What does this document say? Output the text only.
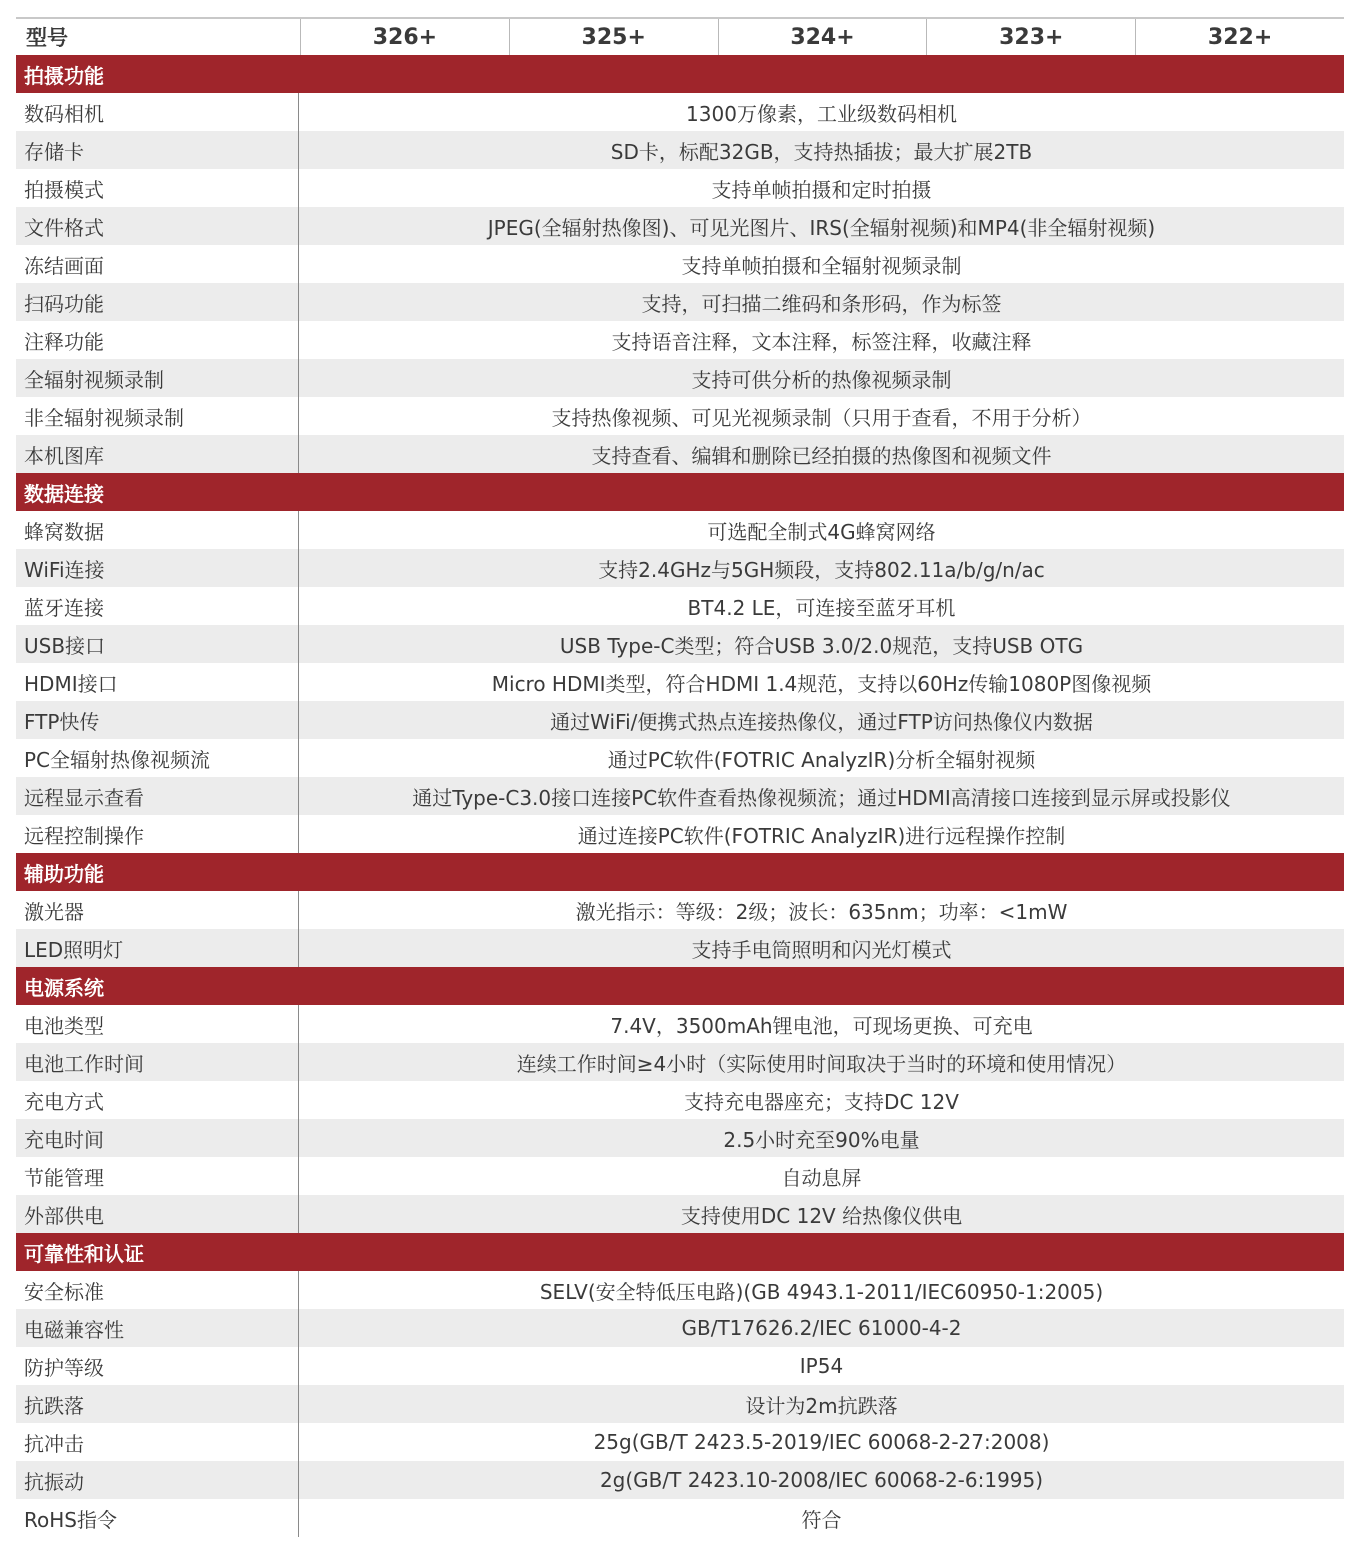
型号	326+	325+	324+	323+	322+
拍摄功能
数码相机	1300万像素，工业级数码相机
存储卡	SD卡，标配32GB，支持热插拔；最大扩展2TB
拍摄模式	支持单帧拍摄和定时拍摄
文件格式	JPEG(全辐射热像图)、可见光图片、IRS(全辐射视频)和MP4(非全辐射视频)
冻结画面	支持单帧拍摄和全辐射视频录制
扫码功能	支持，可扫描二维码和条形码，作为标签
注释功能	支持语音注释，文本注释，标签注释，收藏注释
全辐射视频录制	支持可供分析的热像视频录制
非全辐射视频录制	支持热像视频、可见光视频录制（只用于查看，不用于分析）
本机图库	支持查看、编辑和删除已经拍摄的热像图和视频文件
数据连接
蜂窝数据	可选配全制式4G蜂窝网络
WiFi连接	支持2.4GHz与5GH频段，支持802.11a/b/g/n/ac
蓝牙连接	BT4.2 LE，可连接至蓝牙耳机
USB接口	USB Type-C类型；符合USB 3.0/2.0规范，支持USB OTG
HDMI接口	Micro HDMI类型，符合HDMI 1.4规范，支持以60Hz传输1080P图像视频
FTP快传	通过WiFi/便携式热点连接热像仪，通过FTP访问热像仪内数据
PC全辐射热像视频流	通过PC软件(FOTRIC AnalyzIR)分析全辐射视频
远程显示查看	通过Type-C3.0接口连接PC软件查看热像视频流；通过HDMI高清接口连接到显示屏或投影仪
远程控制操作	通过连接PC软件(FOTRIC AnalyzIR)进行远程操作控制
辅助功能
激光器	激光指示：等级：2级；波长：635nm；功率：<1mW
LED照明灯	支持手电筒照明和闪光灯模式
电源系统
电池类型	7.4V，3500mAh锂电池，可现场更换、可充电
电池工作时间	连续工作时间≥4小时（实际使用时间取决于当时的环境和使用情况）
充电方式	支持充电器座充；支持DC 12V
充电时间	2.5小时充至90%电量
节能管理	自动息屏
外部供电	支持使用DC 12V 给热像仪供电
可靠性和认证
安全标准	SELV(安全特低压电路)(GB 4943.1-2011/IEC60950-1:2005)
电磁兼容性	GB/T17626.2/IEC 61000-4-2
防护等级	IP54
抗跌落	设计为2m抗跌落
抗冲击	25g(GB/T 2423.5-2019/IEC 60068-2-27:2008)
抗振动	2g(GB/T 2423.10-2008/IEC 60068-2-6:1995)
RoHS指令	符合
